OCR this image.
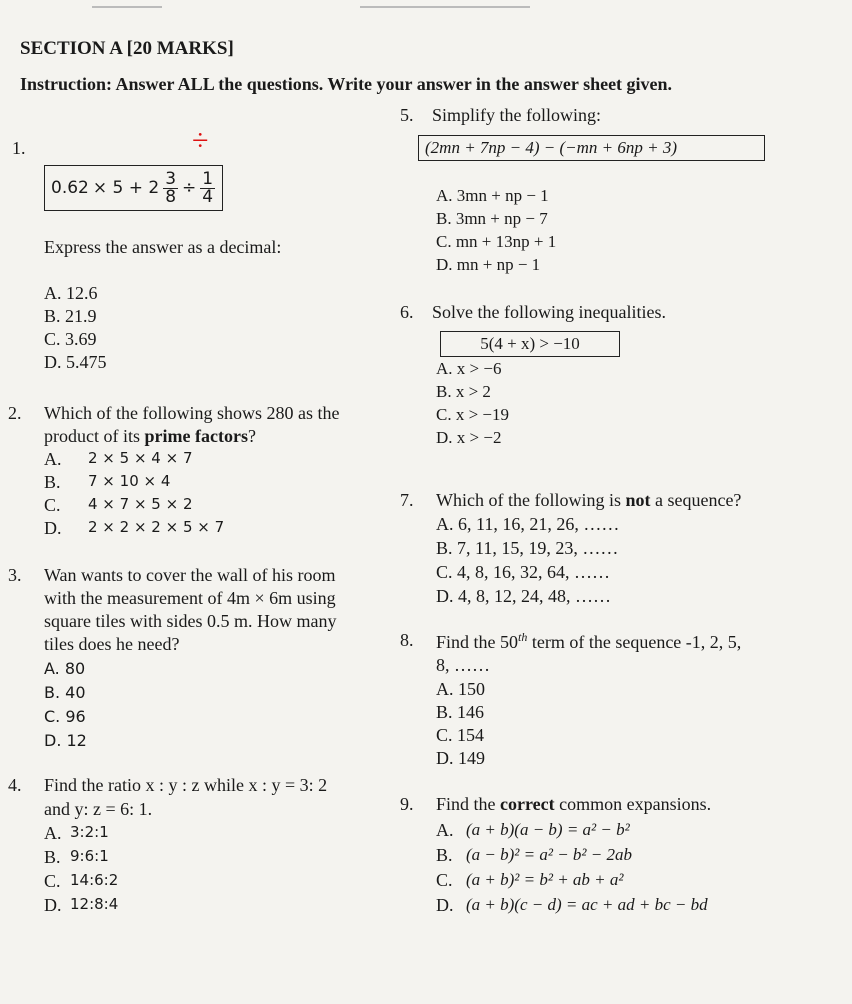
SECTION A [20 MARKS]
Instruction: Answer ALL the questions. Write your answer in the answer sheet given.
1.	÷
$0.62 \times 5 + 2 \frac{3}{8} \div \frac{1}{4}$
Express the answer as a decimal:
A. 12.6
B. 21.9
C. 3.69
D. 5.475
2. Which of the following shows 280 as the
product of its prime factors?
A. 2 × 5 × 4 × 7
B. 7 × 10 × 4
C. 4 × 7 × 5 × 2
D. 2 × 2 × 2 × 5 × 7
3. Wan wants to cover the wall of his room
with the measurement of 4m × 6m using
square tiles with sides 0.5 m. How many
tiles does he need?
A. 80
B. 40
C. 96
D. 12
4. Find the ratio x : y : z while x : y = 3: 2
and y: z = 6: 1.
A. 3:2:1
B. 9:6:1
C. 14:6:2
D. 12:8:4
5. Simplify the following:
(2mn + 7np − 4) − (−mn + 6np + 3)
A. 3mn + np − 1
B. 3mn + np − 7
C. mn + 13np + 1
D. mn + np − 1
6. Solve the following inequalities.
5(4 + x) > −10
A. x > −6
B. x > 2
C. x > −19
D. x > −2
7. Which of the following is not a sequence?
A. 6, 11, 16, 21, 26, ……
B. 7, 11, 15, 19, 23, ……
C. 4, 8, 16, 32, 64, ……
D. 4, 8, 12, 24, 48, ……
8. Find the 50th term of the sequence -1, 2, 5,
8, ……
A. 150
B. 146
C. 154
D. 149
9. Find the correct common expansions.
A. (a + b)(a − b) = a² − b²
B. (a − b)² = a² − b² − 2ab
C. (a + b)² = b² + ab + a²
D. (a + b)(c − d) = ac + ad + bc − bd
